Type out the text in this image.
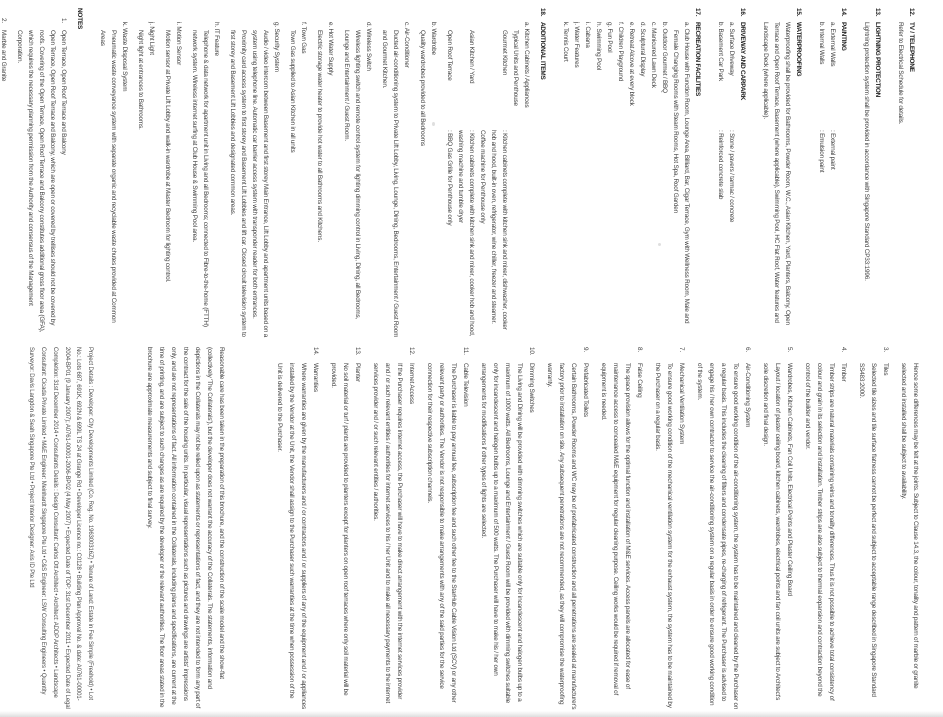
12.
TV / TELEPHONE
Refer to Electrical Schedule for details.
13.
LIGHTNING PROTECTION
Lightning protection system shall be provided in accordance with Singapore Standard CP33:1996.
14.
PAINTING
a. External Walls
: External paint
b. Internal Walls
: Emulsion paint
15.
WATERPROOFING
Waterproofing shall be provided for Bathrooms, Powder Room, W.C., Asian Kitchen, Yard, Planters, Balcony, Open Terrace and Open Roof Terrace, Basement (where applicable), Swimming Pool, HC Flat Roof, Water features and Landscape Deck (where applicable).
16.
DRIVEWAY AND CARPARK
a. Surface Driveway
: Stone / pavers / tarmac / concrete
b. Basement Car Park
: Reinforced concrete slab
17.
RECREATION FACILITIES
a. Club House with Function Room, Lounge Area, Billiard, Bar, Cigar Terrace, Gym with Wellness Room, Male and Female Changing Rooms with Steam Rooms, Hot Spa, Roof Garden
b. Outdoor Gourmet / BBQ
c. Manicured Lawn Deck
d. Sculptural Display
e. Retreat Alcove at every block
f. Children Playground
g. Fun Pool
h. Swimming Pool
i. Cabana
j. Water Features
k. Tennis Court
18.
ADDITIONAL ITEMS
a. Kitchen Cabinets / Appliances
Typical Units and Penthouse
Gourmet Kitchen
: Kitchen cabinets complete with kitchen sink and mixer, dishwasher, cooker hob and hood, built-in oven, refrigerator, wine chiller, freezer and steamer. Coffee machine for Penthouse only
Asian Kitchen / Yard
: Kitchen cabinets complete with kitchen sink and mixer, cooker hob and hood, washing machine and tumble dryer
Open Roof Terrace
: BBQ Gas Grille for Penthouse only
b. Wardrobe
Quality wardrobes provided to all Bedrooms
c. Air-Conditioner
Ducted air-conditioning system to Private Lift Lobby, Living, Lounge, Dining, Bedrooms, Entertainment / Guest Room and Gourmet Kitchen.
d. Wireless Switch
Wireless lighting switch and remote control system for lighting dimming control in Living, Dining, all Bedrooms, Lounge and Entertainment / Guest Room.
e. Hot Water Supply
Electric storage water heater to provide hot water to all Bathrooms and Kitchens.
f. Town Gas
Town Gas supplied to Asian Kitchen in all units
g. Security System
Audio / video intercom between Basement and first storey Main Entrance, Lift Lobby and apartment units based on a system using telephone line. Automatic car barrier access system with transponder reader for both entrances. Proximity card access system to first storey and Basement Lift Lobbies and lift car. Closed circuit television system to first storey and Basement Lift Lobbies and designated common areas.
h. IT Feature
Telephone & data network for apartment unit in Living and all Bedrooms; connected to Fibre-to-the-home (FTTH) network system. Wireless internet surfing at Club House & Swimming Pool area.
i. Motion Sensor
Motion sensor at Private Lift Lobby and walk-in wardrobe at Master Bedroom for lighting control.
j. Night Light
Night light at entrances to Bathrooms.
k. Waste Disposal System
Pneumatic waste conveyance system with separate organic and recyclable waste chutes provided at Common Areas
NOTES
1.
Open Terrace, Open Roof Terrace and Balcony
Open Terrace, Open Roof Terrace and Balcony, which are open or covered by trellises should not be covered by roofs. Covering of the Open Terrace, Open Roof Terrace and Balcony constitutes additional gross floor area (GFA), which requires the necessary planning permission from the Authority and consensus of the Management Corporation.
2.
Marble and Granite
Hence some differences may be felt at the joints. Subject to Clause 14.3, the colour, tonality and pattern of marble or granite selected and installed shall be subject to availability.
3.
Tiles
Selected tile sizes and tile surface flatness cannot be perfect and subject to acceptable range described in Singapore Standard SS483:2000.
4.
Timber
Timber strips are natural materials containing veins and tonality differences. Thus it is not possible to achieve total consistency of colour and grain in its selection and installation. Timber strips are also subject to thermal expansion and contraction beyond the control of the builder and vendor.
5.
Wardrobes, Kitchen Cabinets, Fan Coil Units, Electrical Points and Plaster Ceiling Board
Layout / location of plaster ceiling board, kitchen cabinets, wardrobes, electrical points and fan coil units are subject to Architect's sole discretion and final design.
6.
Air-Conditioning System
To ensure good working condition of the air-conditioning system, the system has to be maintained and cleaned by the Purchaser on a regular basis. This includes the cleaning of filters and condensate pipes, re-charging of refrigerant. The Purchaser is advised to engage his / her own contractor to service the air-conditioning system on a regular basis in order to ensure good working condition of the system.
7.
Mechanical Ventilation System
To ensure good working condition of the mechanical ventilation system for the exhaust system, the system has to be maintained by the Purchaser on a regular basis.
8.
False Ceiling
The space provision allows for the optimal function and installation of M&E services. Access panels are allocated for ease of maintenance access to concealed M&E equipment for regular cleaning purpose. Ceiling works would be required if removal of equipment is needed.
9.
Prefabricated Toilets
Certain Bathrooms, Powder Rooms and WC may be of prefabricated construction and all penetrations are sealed at manufacturer's factory prior to installation on site. Any subsequent penetrations are not recommended, as they will compromise the waterproofing warranty.
10.
Dimming Switches
The Living and Dining will be provided with dimming switches which are suitable only for incandescent and halogen bulbs up to a maximum of 1000 watts. All Bedrooms, Lounge and Entertainment / Guest Room will be provided with dimming switches suitable only for incandescent and halogen bulbs up to a maximum of 500 watts. The Purchaser will have to make his / her own arrangements for modifications if other types of lights are selected.
11.
Cable Television
The Purchaser is liable to pay annual fee, subscription fee and such other fee to the StarHub Cable Vision Ltd (SCV) or any other relevant party or authorities. The Vendor is not responsible to make arrangements with any of the said parties for the service connection for their respective subscription channels.
12.
Internet Access
If the Purchaser requires internet access, the Purchaser will have to make direct arrangement with the internet services provider and / or such relevant entities / authorities for internet services to his / her Unit and to make all necessary payments to the internet services provider and / or such relevant entities / authorities.
13.
Planter
No soil material or turf / plants are provided to planters except for planters on open roof terraces where only soil material will be provided.
14.
Warranties
Where warranties are given by the manufacturers and / or contractors and / or suppliers of any of the equipment and / or appliances installed by the Vendor at the Unit, the Vendor shall assign to the Purchaser such warranties at the time when possession of the Unit is delivered to the Purchaser.
Reasonable care has been taken in the preparation of this brochure, and the construction of the scale model and the show-flat (collectively 'The Collaterals'), but the developer does not warrant the accuracy of the Collaterals. The statements, information and depictions in the Collaterals may not be relied upon as statements or representations of fact, and they are not intended to form any part of the contract for the sale of the housing units. In particular, visual representations such as pictures and drawings are artists' impressions only, and are not representations of fact. All information contained in the Collaterals, including plans and specifications, are current at the time of printing, and are subject to such changes as are required by the developer or the relevant authorities. The floor areas stated in the brochure are approximate measurements and subject to final survey.
Project Details : Developer: City Developments Limited (Co. Reg. No. 196300316Z) • Tenure of Land: Estate in Fee Simple (Freehold) • Lot No.: Lots 687, 691K, 692N & 699L TS 24 at Grange Rd • Developer Licence no.: C0128 • Building Plan Approval No. & date: A0761-00001-2004-BP01 (9 January 2007); A0761-00001-2006-BP02 (4 May 2007) • Expected Date of TOP: 31st December 2011 • Expected Date of Legal Completion: 31st December 2014 • Consultants Details : Design Consultant: Carlos Ott Architect • Architect: ADDP Architects • Landscape Consultant: Cicada Private Limited • M&E Engineer: Meinhardt Singapore Pte Ltd • C&S Engineer: LSW Consulting Engineers • Quantity Surveyor: Davis Langdon & Seah Singapore Pte Ltd • Project Interior Designer: Axis ID Pte Ltd
